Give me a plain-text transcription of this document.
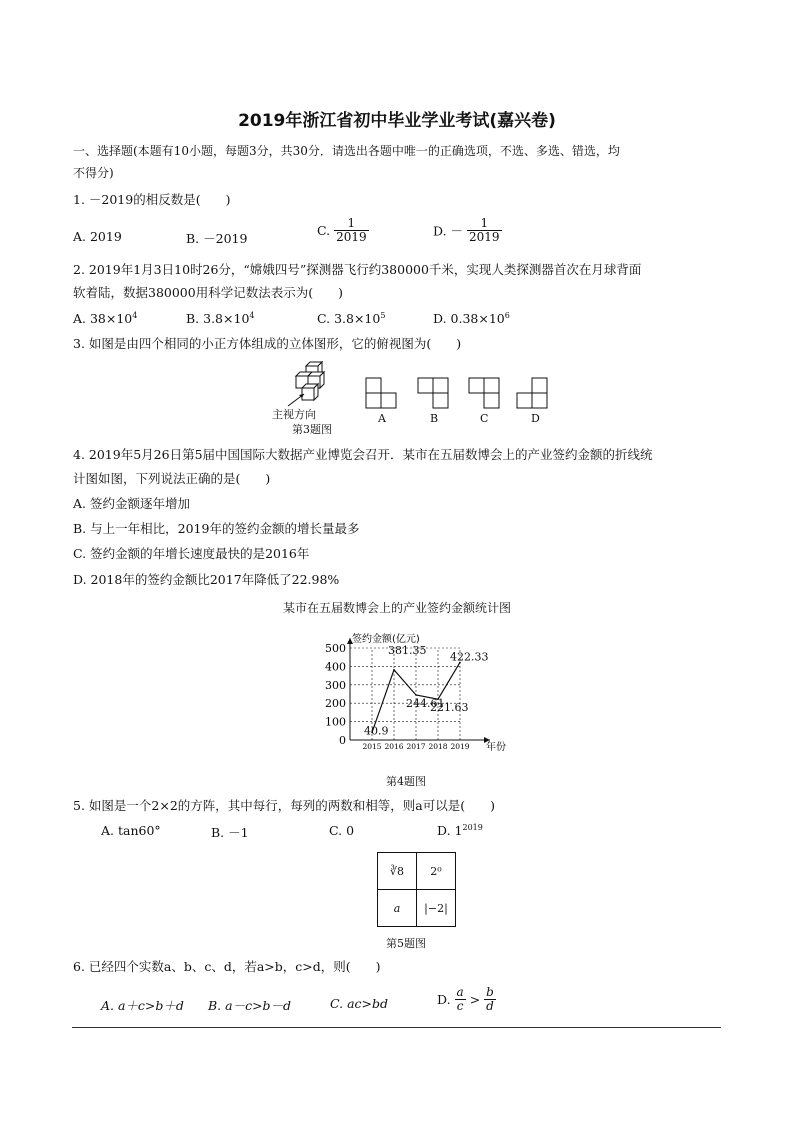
2019年浙江省初中毕业学业考试(嘉兴卷)
一、选择题(本题有10小题，每题3分，共30分．请选出各题中唯一的正确选项，不选、多选、错选，均
不得分)
1. －2019的相反数是(　　)
A. 2019	B. －2019
C. $\frac{1}{2019}$	D. － $\frac{1}{2019}$
2. 2019年1月3日10时26分，“嫦娥四号”探测器飞行约380000千米，实现人类探测器首次在月球背面
软着陆，数据380000用科学记数法表示为(　　)
A. $38\times 10^4$	B. $3.8\times 10^4$	C. $3.8\times 10^5$	D. $0.38\times 10^6$
3. 如图是由四个相同的小正方体组成的立体图形，它的俯视图为(　　)
主视方向
第3题图
A	B	C	D
4. 2019年5月26日第5届中国国际大数据产业博览会召开．某市在五届数博会上的产业签约金额的折线统
计图如图，下列说法正确的是(　　)
A. 签约金额逐年增加
B. 与上一年相比，2019年的签约金额的增长量最多
C. 签约金额的年增长速度最快的是2016年
D. 2018年的签约金额比2017年降低了22.98%
某市在五届数博会上的产业签约金额统计图
0
100
200
300
400
500
2015 2016 2017 2018 2019
40.9
381.35
244.61
221.63
422.33
签约金额(亿元)
年份
第4题图
5. 如图是一个2×2的方阵，其中每行，每列的两数和相等，则a可以是(　　)
A. tan60°	B. －1	C. 0	D. $1^{2019}$
∛8	2⁰
a	|−2|
第5题图
6. 已经四个实数a、b、c、d，若a>b，c>d，则(　　)
A. a＋c>b＋d B. a－c>b－d	C. ac>bd	D. $\frac{a}{c} > \frac{b}{d}$
